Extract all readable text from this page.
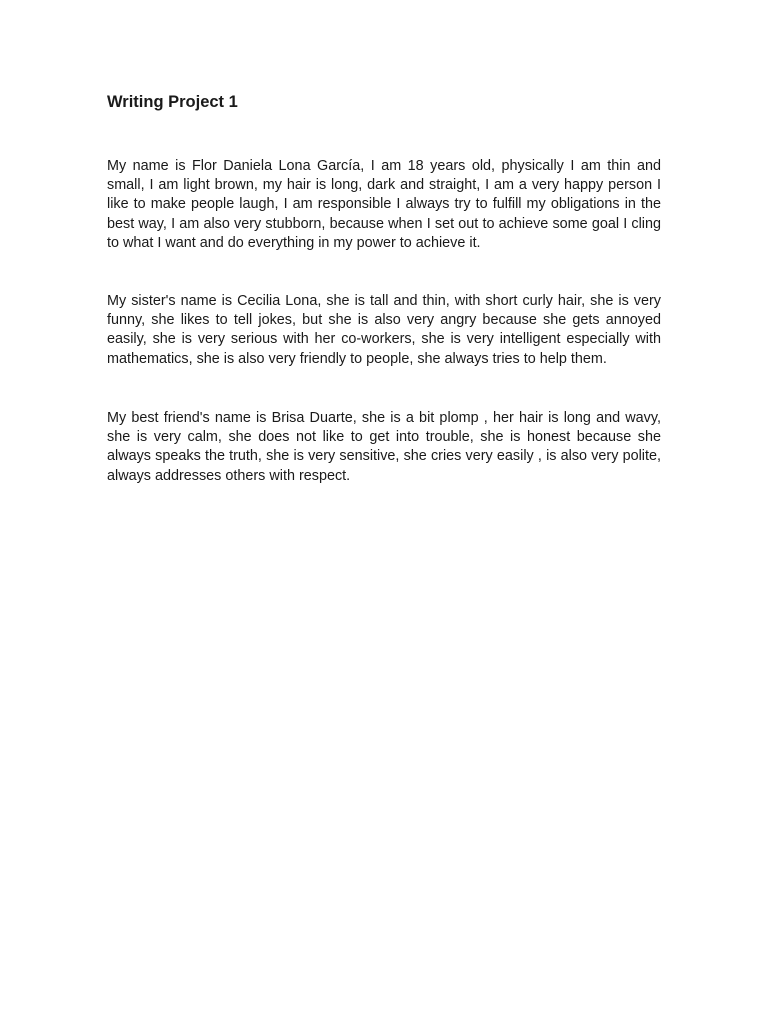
Writing Project 1

My name is Flor Daniela Lona García, I am 18 years old, physically I am thin and small, I am light brown, my hair is long, dark and straight, I am a very happy person I like to make people laugh, I am responsible I always try to fulfill my obligations in the best way, I am also very stubborn, because when I set out to achieve some goal I cling to what I want and do everything in my power to achieve it.

My sister's name is Cecilia Lona, she is tall and thin, with short curly hair, she is very funny, she likes to tell jokes, but she is also very angry because she gets annoyed easily, she is very serious with her co-workers, she is very intelligent especially with mathematics, she is also very friendly to people, she always tries to help them.

My best friend's name is Brisa Duarte, she is a bit plomp , her hair is long and wavy, she is very calm, she does not like to get into trouble, she is honest because she always speaks the truth, she is very sensitive, she cries very easily , is also very polite, always addresses others with respect.
